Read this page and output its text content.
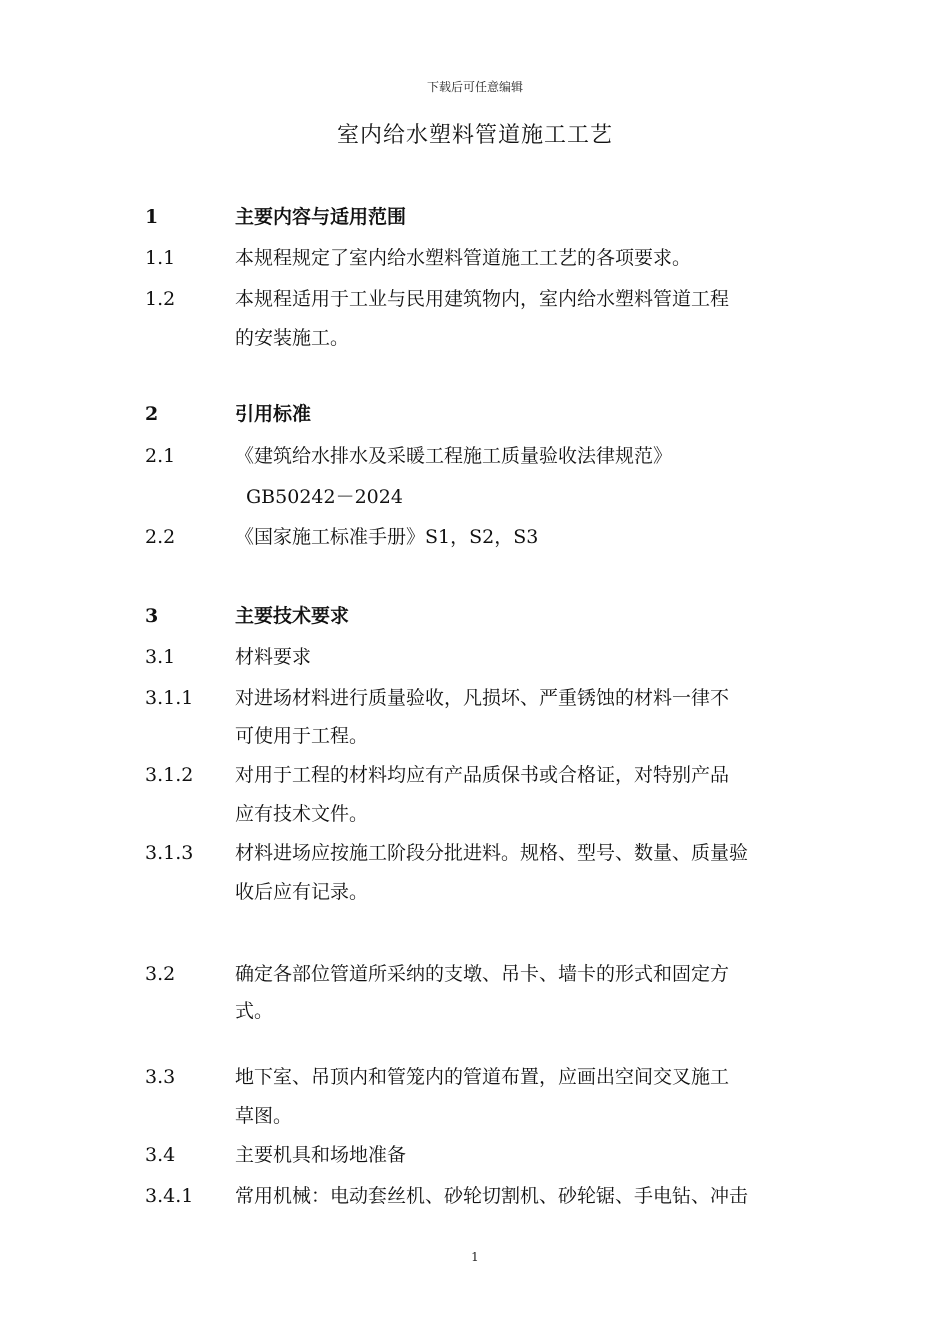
下载后可任意编辑
室内给水塑料管道施工工艺
1	主要内容与适用范围
1.1	本规程规定了室内给水塑料管道施工工艺的各项要求。
1.2	本规程适用于工业与民用建筑物内，室内给水塑料管道工程
的安装施工。
2	引用标准
2.1	《建筑给水排水及采暖工程施工质量验收法律规范》
GB50242－2024
2.2	《国家施工标准手册》S1，S2，S3
3	主要技术要求
3.1	材料要求
3.1.1 对进场材料进行质量验收，凡损坏、严重锈蚀的材料一律不
可使用于工程。
3.1.2 对用于工程的材料均应有产品质保书或合格证，对特别产品
应有技术文件。
3.1.3 材料进场应按施工阶段分批进料。规格、型号、数量、质量验
收后应有记录。
3.2	确定各部位管道所采纳的支墩、吊卡、墙卡的形式和固定方
式。
3.3	地下室、吊顶内和管笼内的管道布置，应画出空间交叉施工
草图。
3.4	主要机具和场地准备
3.4.1 常用机械：电动套丝机、砂轮切割机、砂轮锯、手电钻、冲击
1
